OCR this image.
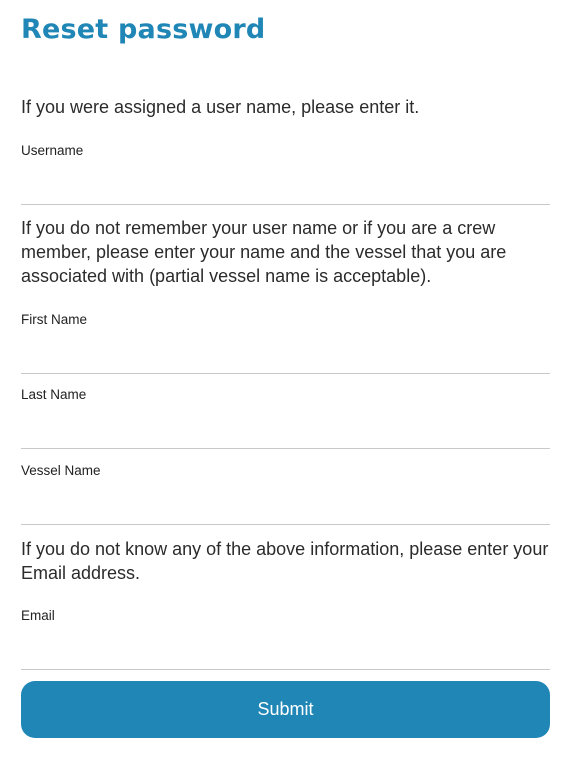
Reset password

If you were assigned a user name, please enter it.

Username

If you do not remember your user name or if you are a crew member, please enter your name and the vessel that you are associated with (partial vessel name is acceptable).

First Name
Last Name
Vessel Name

If you do not know any of the above information, please enter your Email address.

Email
Submit
